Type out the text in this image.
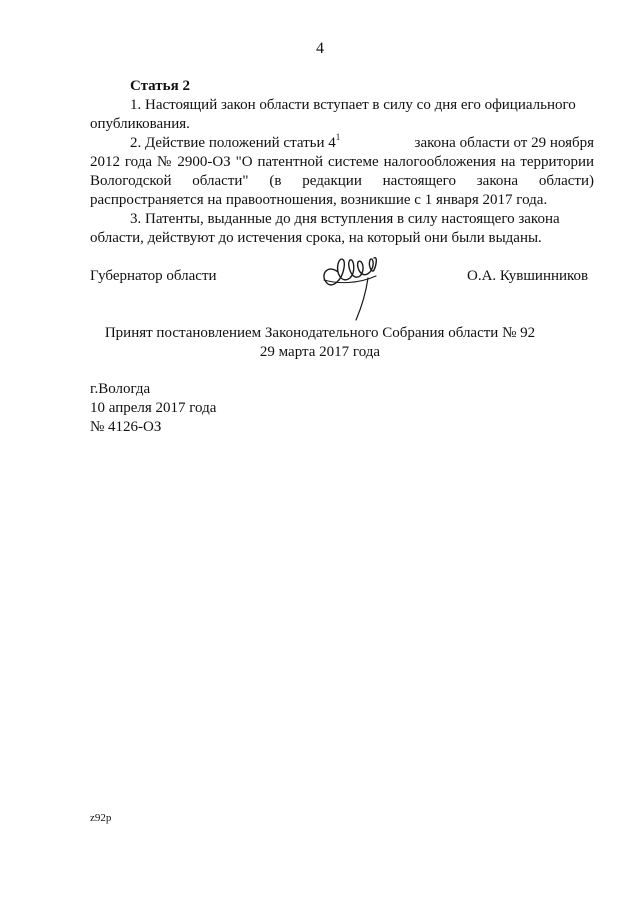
4
Статья 2
1. Настоящий закон области вступает в силу со дня его официального
опубликования.
2. Действие положений статьи $4^1$	закона области от 29 ноября
2012 года № 2900-ОЗ "О патентной системе налогообложения на территории
Вологодской области" (в редакции настоящего закона области)
распространяется на правоотношения, возникшие с 1 января 2017 года.
3. Патенты, выданные до дня вступления в силу настоящего закона
области, действуют до истечения срока, на который они были выданы.
Губернатор области	О.А. Кувшинников
Принят постановлением Законодательного Собрания области № 92
29 марта 2017 года
г.Вологда
10 апреля 2017 года
№ 4126-ОЗ
z92p
